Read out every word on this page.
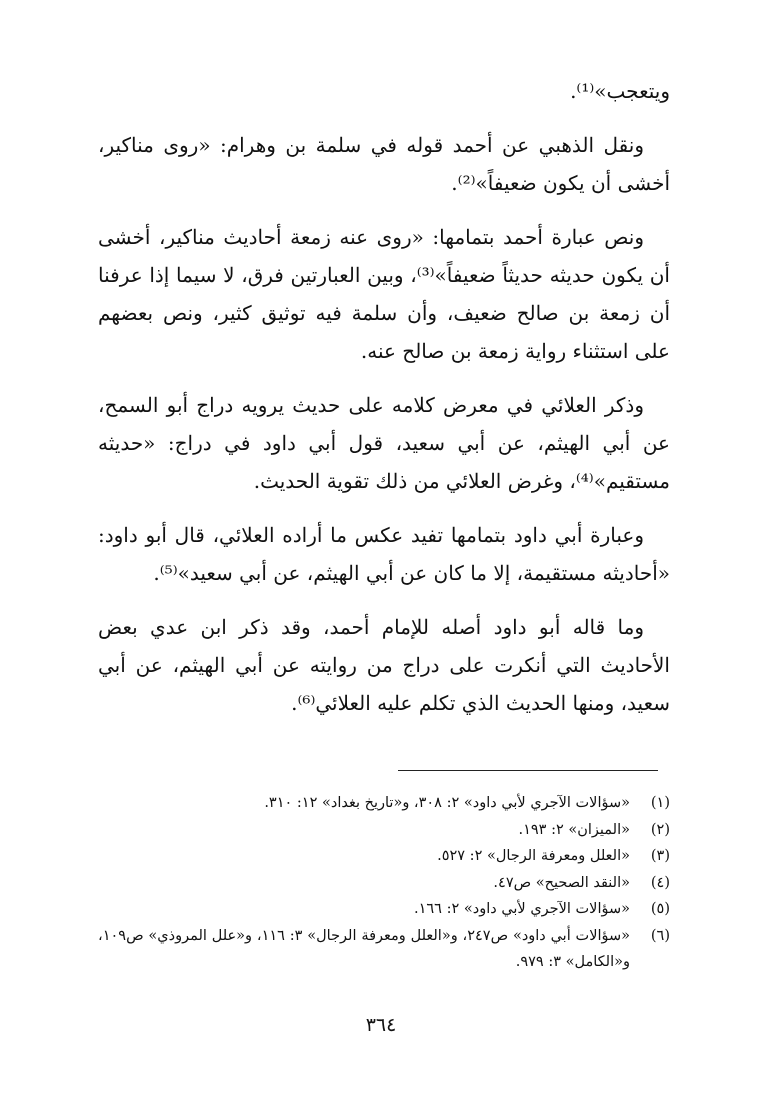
ويتعجب»⁽¹⁾.

ونقل الذهبي عن أحمد قوله في سلمة بن وهرام: «روى مناكير، أخشى أن يكون ضعيفاً»⁽²⁾.

ونص عبارة أحمد بتمامها: «روى عنه زمعة أحاديث مناكير، أخشى أن يكون حديثه حديثاً ضعيفاً»⁽³⁾، وبين العبارتين فرق، لا سيما إذا عرفنا أن زمعة بن صالح ضعيف، وأن سلمة فيه توثيق كثير، ونص بعضهم على استثناء رواية زمعة بن صالح عنه.

وذكر العلائي في معرض كلامه على حديث يرويه دراج أبو السمح، عن أبي الهيثم، عن أبي سعيد، قول أبي داود في دراج: «حديثه مستقيم»⁽⁴⁾، وغرض العلائي من ذلك تقوية الحديث.

وعبارة أبي داود بتمامها تفيد عكس ما أراده العلائي، قال أبو داود: «أحاديثه مستقيمة، إلا ما كان عن أبي الهيثم، عن أبي سعيد»⁽⁵⁾.

وما قاله أبو داود أصله للإمام أحمد، وقد ذكر ابن عدي بعض الأحاديث التي أنكرت على دراج من روايته عن أبي الهيثم، عن أبي سعيد، ومنها الحديث الذي تكلم عليه العلائي⁽⁶⁾.

(١)
«سؤالات الآجري لأبي داود» ٢: ٣٠٨، و«تاريخ بغداد» ١٢: ٣١٠.
(٢)
«الميزان» ٢: ١٩٣.
(٣)
«العلل ومعرفة الرجال» ٢: ٥٢٧.
(٤)
«النقد الصحيح» ص٤٧.
(٥)
«سؤالات الآجري لأبي داود» ٢: ١٦٦.
(٦)
«سؤالات أبي داود» ص٢٤٧، و«العلل ومعرفة الرجال» ٣: ١١٦، و«علل المروذي» ص١٠٩، و«الكامل» ٣: ٩٧٩.
٣٦٤
